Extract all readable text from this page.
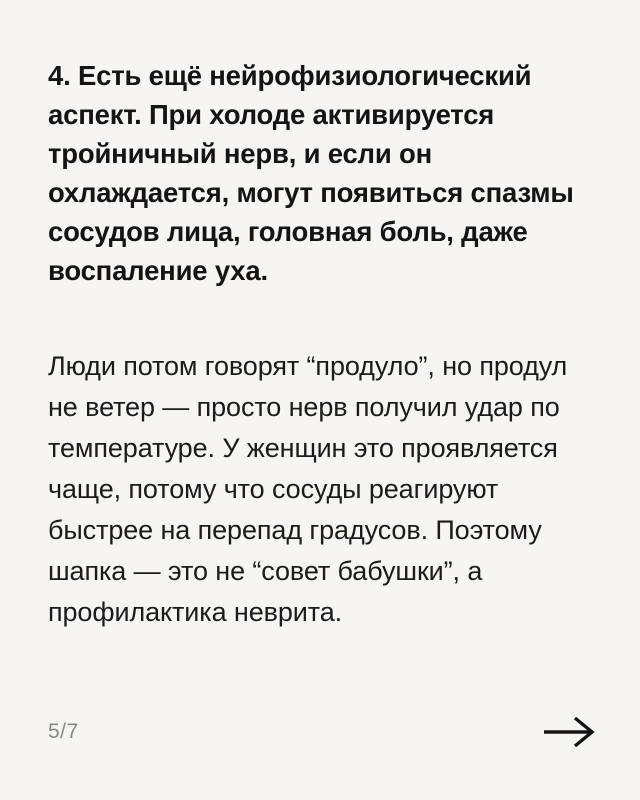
4. Есть ещё нейрофизиологический аспект. При холоде активируется тройничный нерв, и если он охлаждается, могут появиться спазмы сосудов лица, головная боль, даже воспаление уха.

Люди потом говорят “продуло”, но продул не ветер — просто нерв получил удар по температуре. У женщин это проявляется чаще, потому что сосуды реагируют быстрее на перепад градусов. Поэтому шапка — это не “совет бабушки”, а профилактика неврита.

5/7
